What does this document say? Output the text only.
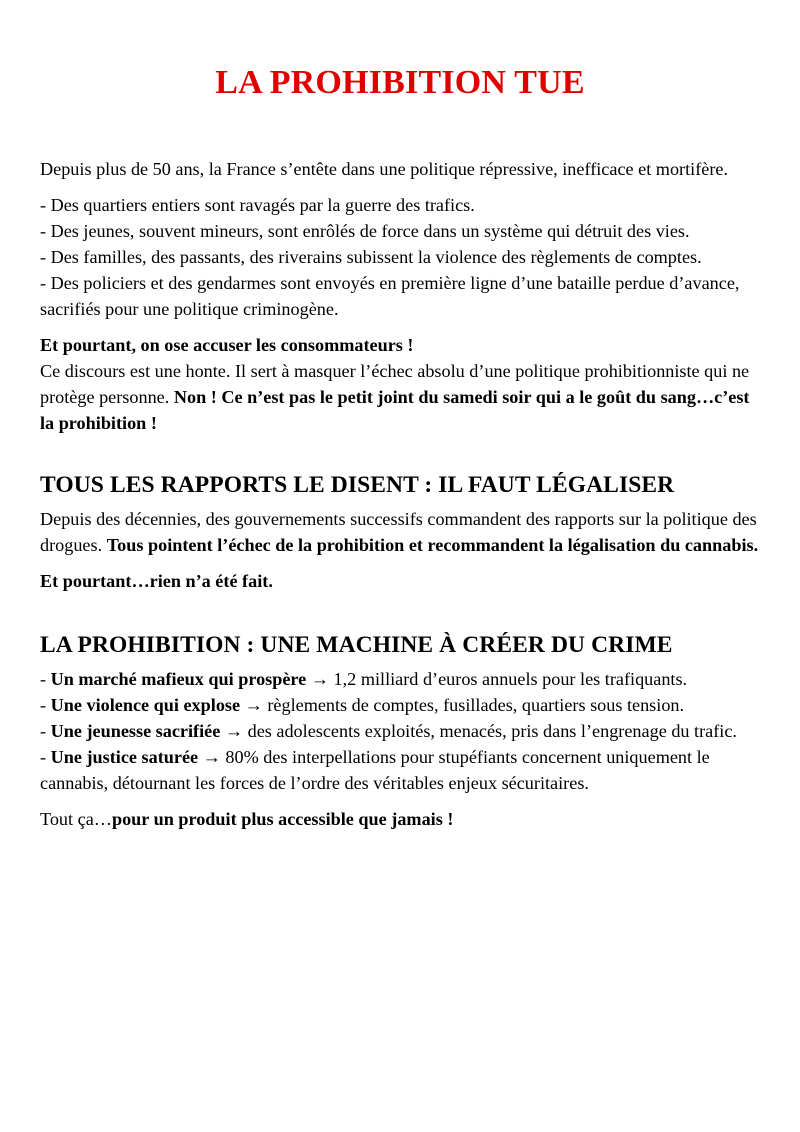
LA PROHIBITION TUE

Depuis plus de 50 ans, la France s’entête dans une politique répressive, inefficace et mortifère.

- Des quartiers entiers sont ravagés par la guerre des trafics.

- Des jeunes, souvent mineurs, sont enrôlés de force dans un système qui détruit des vies.

- Des familles, des passants, des riverains subissent la violence des règlements de comptes.

- Des policiers et des gendarmes sont envoyés en première ligne d’une bataille perdue d’avance, sacrifiés pour une politique criminogène.

Et pourtant, on ose accuser les consommateurs !

Ce discours est une honte. Il sert à masquer l’échec absolu d’une politique prohibitionniste qui ne protège personne. Non ! Ce n’est pas le petit joint du samedi soir qui a le goût du sang…c’est la prohibition !

TOUS LES RAPPORTS LE DISENT : IL FAUT LÉGALISER

Depuis des décennies, des gouvernements successifs commandent des rapports sur la politique des drogues. Tous pointent l’échec de la prohibition et recommandent la légalisation du cannabis.

Et pourtant…rien n’a été fait.

LA PROHIBITION : UNE MACHINE À CRÉER DU CRIME

- Un marché mafieux qui prospère → 1,2 milliard d’euros annuels pour les trafiquants.

- Une violence qui explose → règlements de comptes, fusillades, quartiers sous tension.

- Une jeunesse sacrifiée → des adolescents exploités, menacés, pris dans l’engrenage du trafic.

- Une justice saturée → 80% des interpellations pour stupéfiants concernent uniquement le cannabis, détournant les forces de l’ordre des véritables enjeux sécuritaires.

Tout ça…pour un produit plus accessible que jamais !
